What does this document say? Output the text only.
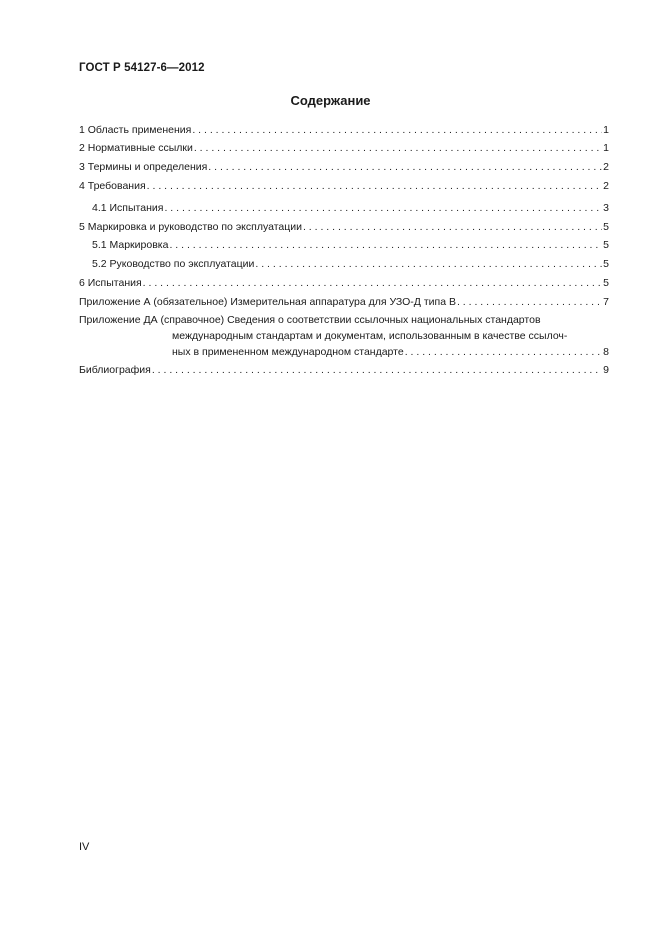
ГОСТ Р 54127-6—2012
Содержание
1 Область применения . . .	1
2 Нормативные ссылки . . .	1
3 Термины и определения . . .	2
4 Требования . . .	2
4.1 Испытания . . .	3
5 Маркировка и руководство по эксплуатации . . .	5
5.1 Маркировка . . .	5
5.2 Руководство по эксплуатации . . .	5
6 Испытания . . .	5
Приложение А (обязательное) Измерительная аппаратура для УЗО-Д типа В . . .	7
Приложение ДА (справочное) Сведения о соответствии ссылочных национальных стандартов
международным стандартам и документам, использованным в качестве ссылоч-
ных в примененном международном стандарте . . .	8
Библиография . . .	9
IV
